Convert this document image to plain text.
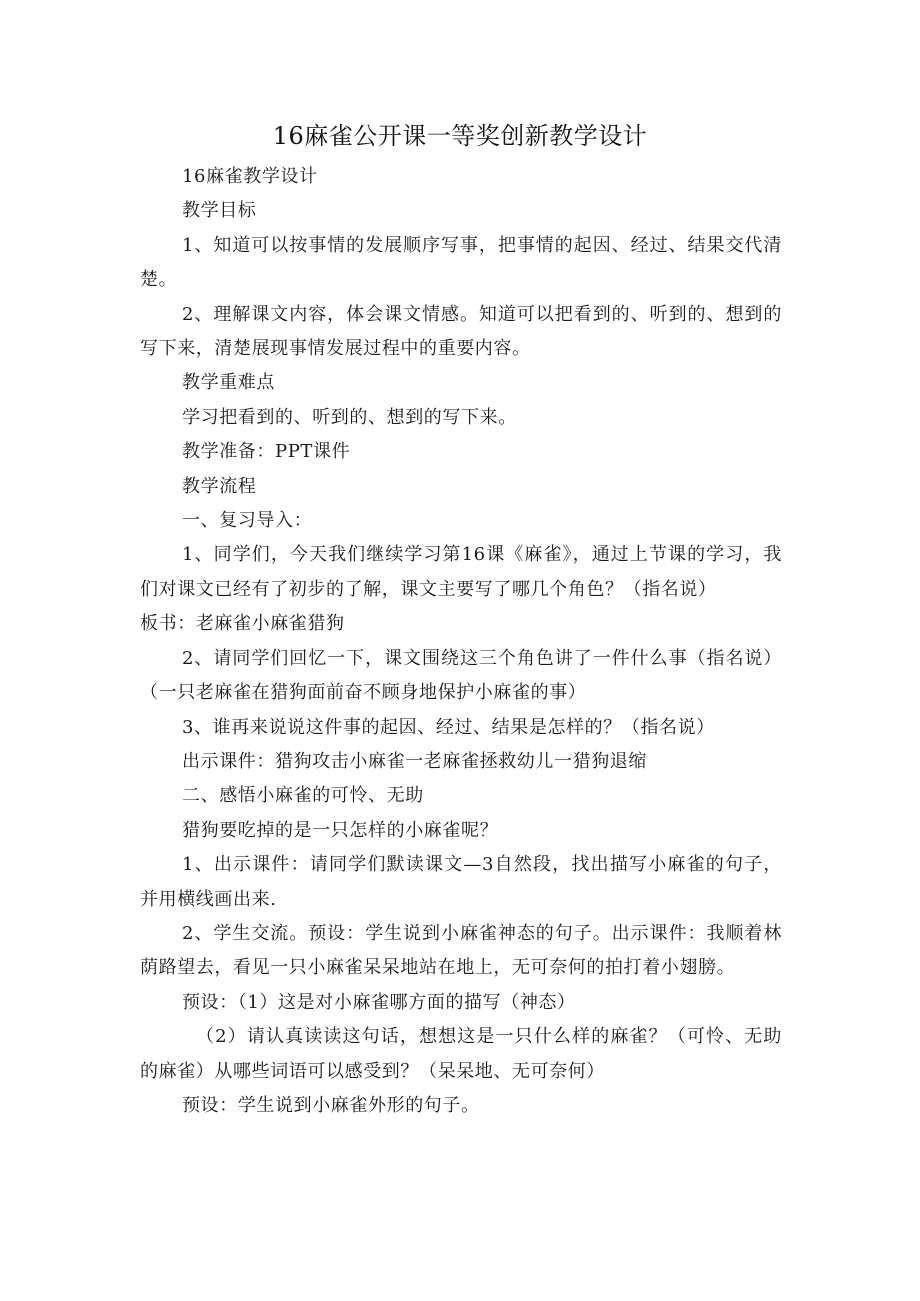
16麻雀公开课一等奖创新教学设计

16麻雀教学设计

教学目标

1、知道可以按事情的发展顺序写事，把事情的起因、经过、结果交代清楚。

2、理解课文内容，体会课文情感。知道可以把看到的、听到的、想到的写下来，清楚展现事情发展过程中的重要内容。

教学重难点

学习把看到的、听到的、想到的写下来。

教学准备：PPT课件

教学流程

一、复习导入：

1、同学们，今天我们继续学习第16课《麻雀》，通过上节课的学习，我们对课文已经有了初步的了解，课文主要写了哪几个角色？（指名说）

板书：老麻雀小麻雀猎狗

2、请同学们回忆一下，课文围绕这三个角色讲了一件什么事（指名说）（一只老麻雀在猎狗面前奋不顾身地保护小麻雀的事）

3、谁再来说说这件事的起因、经过、结果是怎样的？（指名说）

出示课件：猎狗攻击小麻雀一老麻雀拯救幼儿一猎狗退缩

二、感悟小麻雀的可怜、无助

猎狗要吃掉的是一只怎样的小麻雀呢？

1、出示课件：请同学们默读课文—3自然段，找出描写小麻雀的句子，并用横线画出来.

2、学生交流。预设：学生说到小麻雀神态的句子。出示课件：我顺着林荫路望去，看见一只小麻雀呆呆地站在地上，无可奈何的拍打着小翅膀。

预设：（1）这是对小麻雀哪方面的描写（神态）

（2）请认真读读这句话，想想这是一只什么样的麻雀？（可怜、无助的麻雀）从哪些词语可以感受到？（呆呆地、无可奈何）

预设：学生说到小麻雀外形的句子。
